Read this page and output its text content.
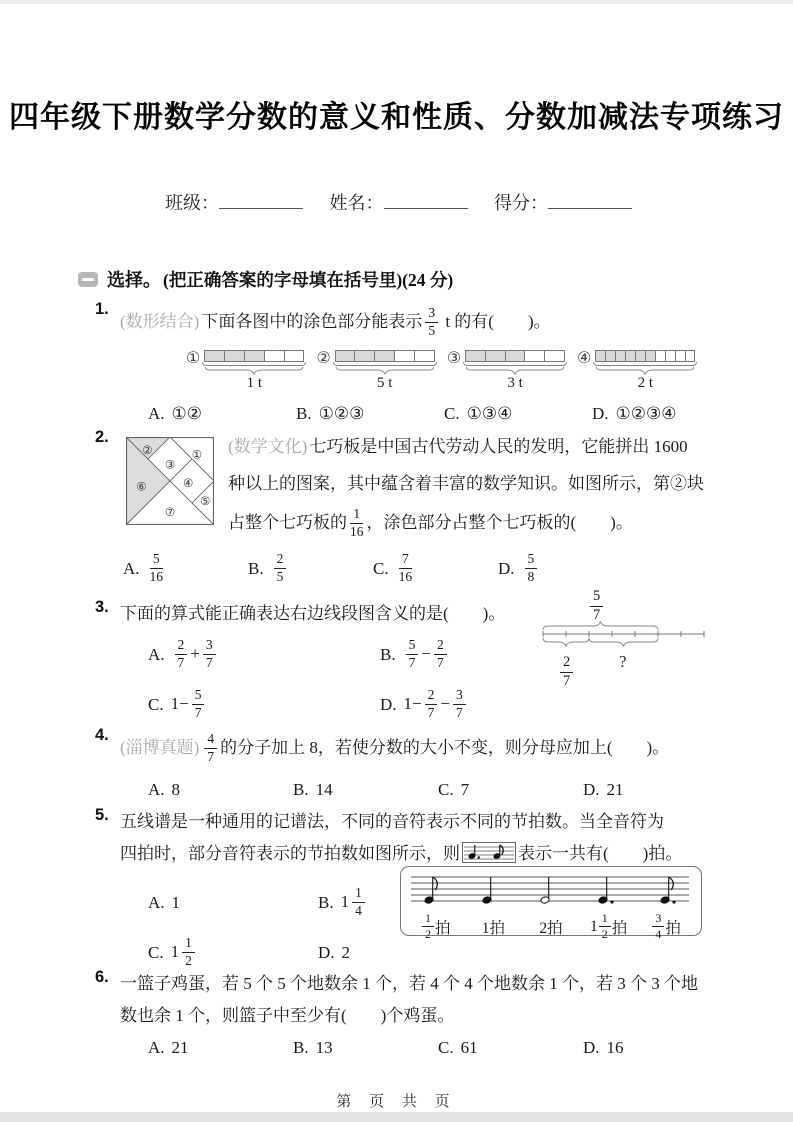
四年级下册数学分数的意义和性质、分数加减法专项练习
班级：	姓名：	得分：
选择。 (把正确答案的字母填在括号里)(24 分)
1.
(数形结合) 下面各图中的涂色部分能表示 $\frac{3}{5}$ t 的有(　　)。
①
1 t
②
5 t
③
3 t
④
2 t
A. ①②	B. ①②③	C. ①③④	D. ①②③④
2.
①
②
③
④
⑤
⑥
⑦
(数学文化) 七巧板是中国古代劳动人民的发明，它能拼出 1600
种以上的图案，其中蕴含着丰富的数学知识。如图所示，第②块
占整个七巧板的 $\frac{1}{16}$ ，涂色部分占整个七巧板的(　　)。
A. $\frac{5}{16}$	B. $\frac{2}{5}$	C. $\frac{7}{16}$	D. $\frac{5}{8}$
3. 下面的算式能正确表达右边线段图含义的是(　　)。
A. $\frac{2}{7} + \frac{3}{7}$	B. $\frac{5}{7} - \frac{2}{7}$
C. $1- \frac{5}{7}$	D. $1- \frac{2}{7} - \frac{3}{7}$
$\frac{5}{7}$
$\frac{2}{7}$	?
4.
(淄博真题) $\frac{4}{7}$ 的分子加上 8，若使分数的大小不变，则分母应加上(　　)。
A. 8	B. 14	C. 7	D. 21
5. 五线谱是一种通用的记谱法，不同的音符表示不同的节拍数。当全音符为
四拍时，部分音符表示的节拍数如图所示，则	表示一共有(　　)拍。
A. 1	B. $1 \frac{1}{4}$
C. $1 \frac{1}{2}$	D. 2
$\frac{1}{2}$ 拍 1拍 2拍 $1 \frac{1}{2}$ 拍 $\frac{3}{4}$ 拍
6. 一篮子鸡蛋，若 5 个 5 个地数余 1 个，若 4 个 4 个地数余 1 个，若 3 个 3 个地
数也余 1 个，则篮子中至少有(　　)个鸡蛋。
A. 21	B. 13	C. 61	D. 16
第 页 共 页
